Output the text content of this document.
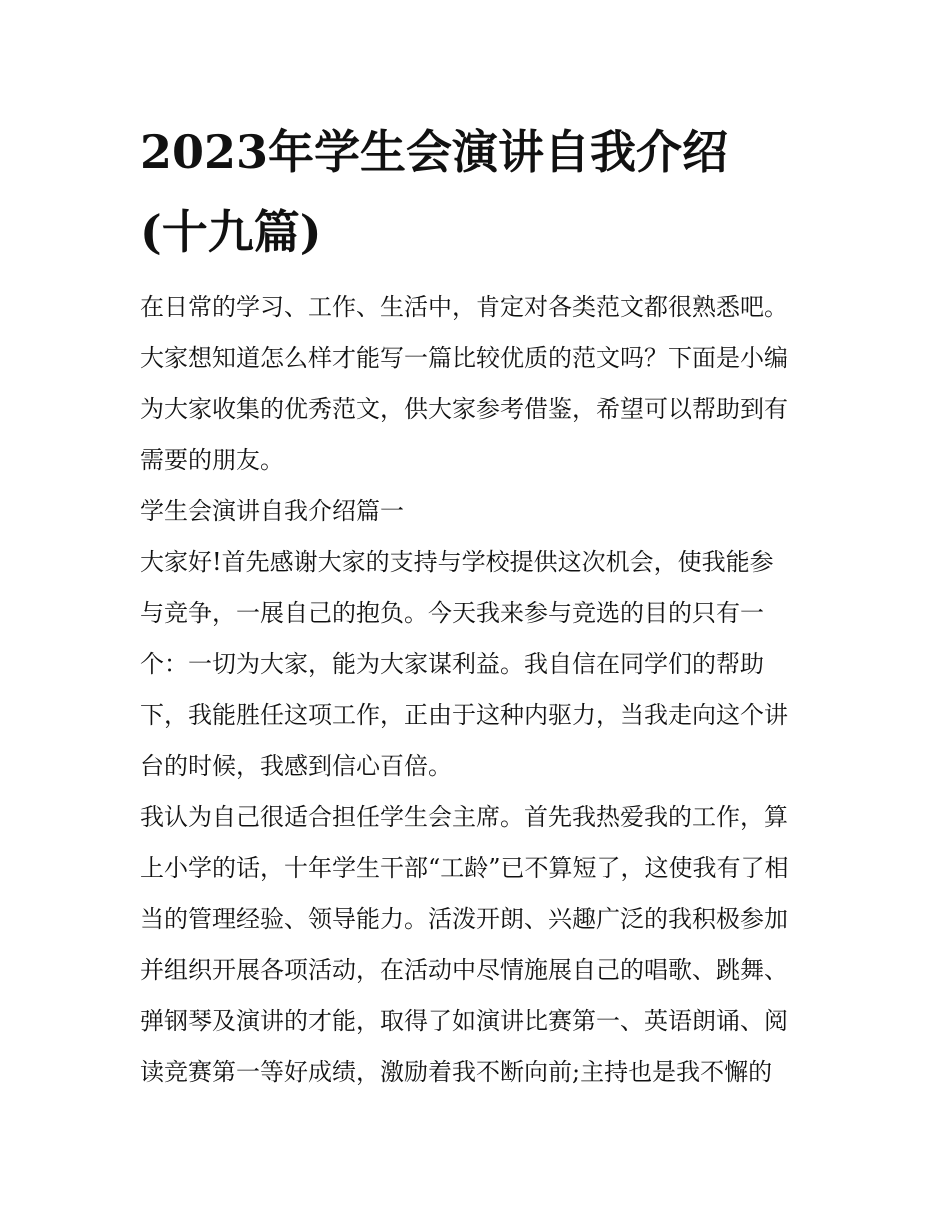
2023年学生会演讲自我介绍
(十九篇)
在日常的学习、工作、生活中，肯定对各类范文都很熟悉吧。
大家想知道怎么样才能写一篇比较优质的范文吗？下面是小编
为大家收集的优秀范文，供大家参考借鉴，希望可以帮助到有
需要的朋友。
学生会演讲自我介绍篇一
大家好!首先感谢大家的支持与学校提供这次机会，使我能参
与竞争，一展自己的抱负。今天我来参与竞选的目的只有一
个：一切为大家，能为大家谋利益。我自信在同学们的帮助
下，我能胜任这项工作，正由于这种内驱力，当我走向这个讲
台的时候，我感到信心百倍。
我认为自己很适合担任学生会主席。首先我热爱我的工作，算
上小学的话，十年学生干部“工龄”已不算短了，这使我有了相
当的管理经验、领导能力。活泼开朗、兴趣广泛的我积极参加
并组织开展各项活动，在活动中尽情施展自己的唱歌、跳舞、
弹钢琴及演讲的才能，取得了如演讲比赛第一、英语朗诵、阅
读竞赛第一等好成绩，激励着我不断向前;主持也是我不懈的
